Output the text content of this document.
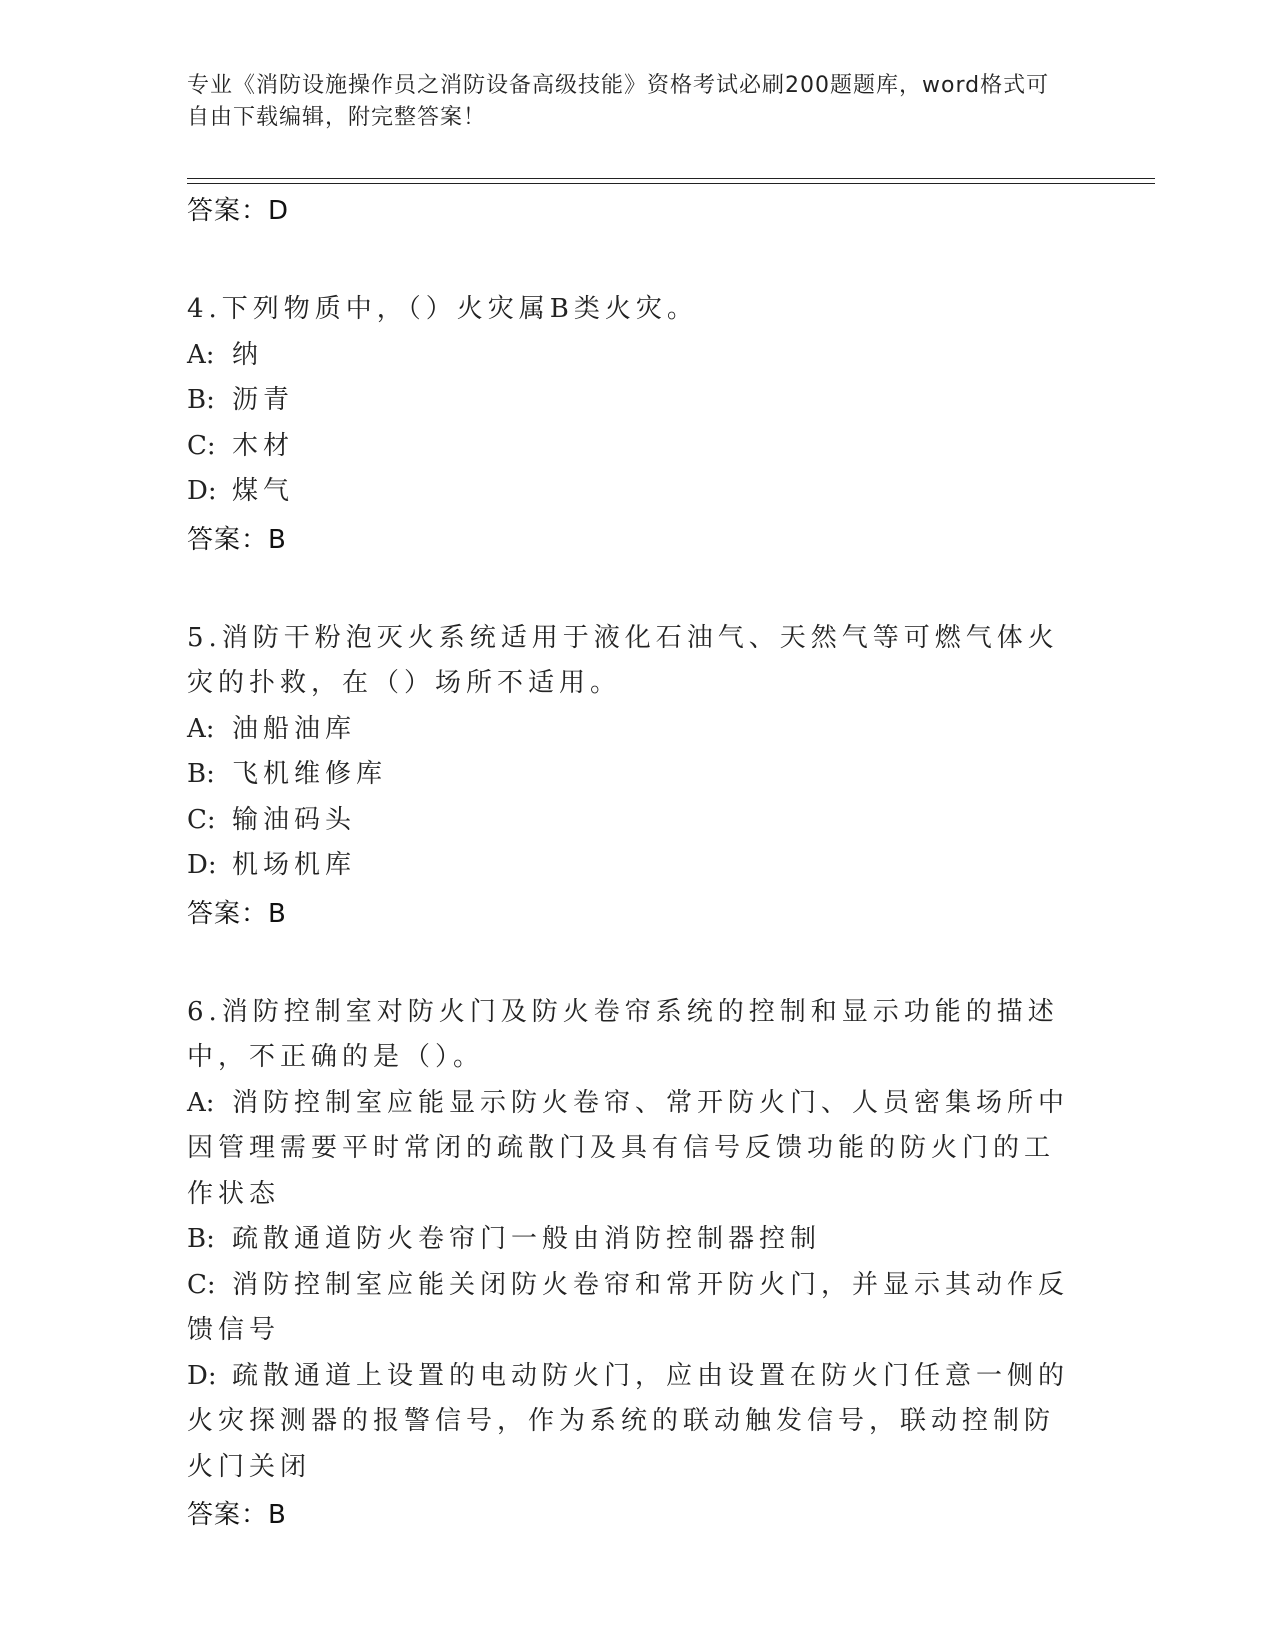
专业《消防设施操作员之消防设备高级技能》资格考试必刷200题题库，word格式可自由下载编辑，附完整答案！
答案：D
4.下列物质中，（）火灾属B类火灾。
A: 纳
B: 沥青
C: 木材
D: 煤气
答案：B
5.消防干粉泡灭火系统适用于液化石油气、天然气等可燃气体火灾的扑救，在（）场所不适用。
A: 油船油库
B: 飞机维修库
C: 输油码头
D: 机场机库
答案：B
6.消防控制室对防火门及防火卷帘系统的控制和显示功能的描述中，不正确的是（）。
A: 消防控制室应能显示防火卷帘、常开防火门、人员密集场所中因管理需要平时常闭的疏散门及具有信号反馈功能的防火门的工作状态
B: 疏散通道防火卷帘门一般由消防控制器控制
C: 消防控制室应能关闭防火卷帘和常开防火门，并显示其动作反馈信号
D: 疏散通道上设置的电动防火门，应由设置在防火门任意一侧的火灾探测器的报警信号，作为系统的联动触发信号，联动控制防火门关闭
答案：B
